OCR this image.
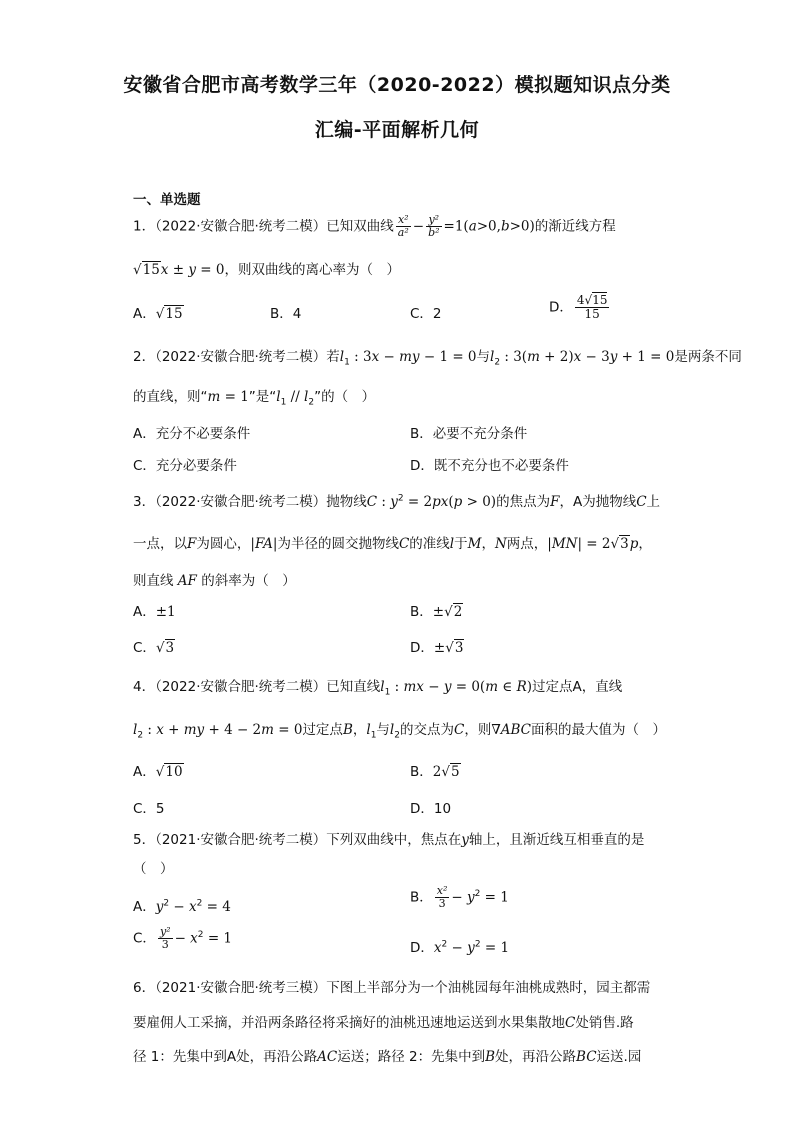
安徽省合肥市高考数学三年（2020-2022）模拟题知识点分类
汇编-平面解析几何
一、单选题
1．（2022·安徽合肥·统考二模）已知双曲线 $\frac{\text{x²}}{\text{a²}} - \frac{\text{y²}}{\text{b²}} =1(a>0,b>0)$的渐近线方程
√15x ± y = 0，则双曲线的离心率为（　）
A．√15	B．4	C．2	D． $\frac{4√15}{15}$
2．（2022·安徽合肥·统考二模）若$l_1$ : 3x − my − 1 = 0与$l_2$ : 3(m + 2)x − 3y + 1 = 0是两条不同
的直线，则“m = 1”是“$l_1 // l_2$”的（　）
A．充分不必要条件	B．必要不充分条件
C．充分必要条件	D．既不充分也不必要条件
3．（2022·安徽合肥·统考二模）抛物线C : $y^2 = 2px(p > 0)$的焦点为F，A为抛物线C上
一点，以F为圆心，|FA|为半径的圆交抛物线C的准线l于M，N两点，|MN| = 2√3p，
则直线 AF 的斜率为（　）
A．±1	B．±√2
C．√3	D．±√3
4．（2022·安徽合肥·统考二模）已知直线$l_1$ : mx − y = 0(m ∈ R)过定点A，直线
$l_2$ : x + my + 4 − 2m = 0过定点B，$l_1$与$l_2$的交点为C，则∇ABC面积的最大值为（　）
A．√10	B．2√5
C．5	D．10
5．（2021·安徽合肥·统考二模）下列双曲线中，焦点在y轴上，且渐近线互相垂直的是
（　）
A．$y^2 - x^2 = 4$
B． $\frac{\text{x²}}{3} - y^2 = 1$
C． $\frac{\text{y²}}{3} - x^2 = 1$
D．$x^2 - y^2 = 1$
6．（2021·安徽合肥·统考三模）下图上半部分为一个油桃园每年油桃成熟时，园主都需
要雇佣人工采摘，并沿两条路径将采摘好的油桃迅速地运送到水果集散地C处销售.路
径 1：先集中到A处，再沿公路AC运送；路径 2：先集中到B处，再沿公路BC运送.园
